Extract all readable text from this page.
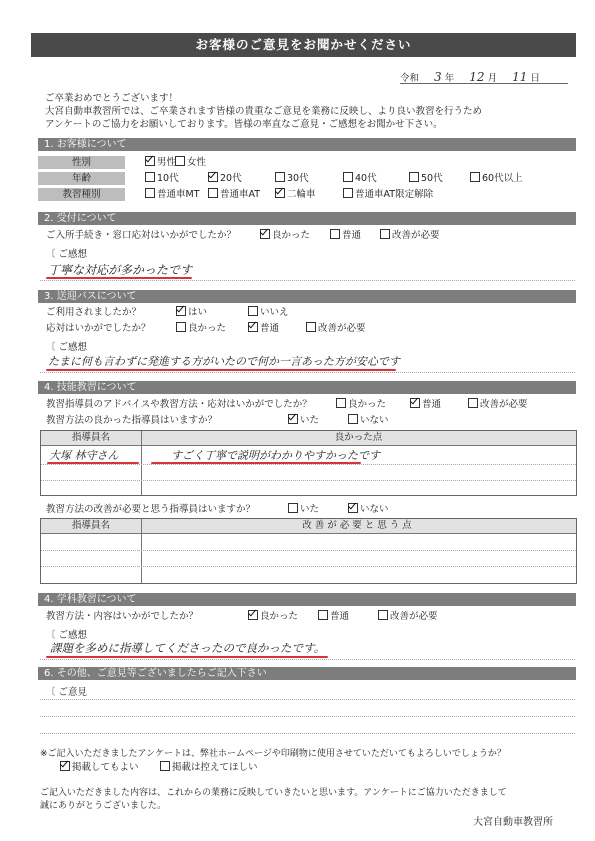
お客様のご意見をお聞かせください
令和 3 年 12 月 11 日
ご卒業おめでとうございます！
大宮自動車教習所では、ご卒業されます皆様の貴重なご意見を業務に反映し、より良い教習を行うため
アンケートのご協力をお願いしております。皆様の率直なご意見・ご感想をお聞かせ下さい。
1. お客様について
性別	男性	女性
年齢	10代	20代	30代	40代	50代	60代以上
教習種別	普通車MT	普通車AT	二輪車	普通車AT限定解除
2. 受付について
ご入所手続き・窓口応対はいかがでしたか？	良かった	普通	改善が必要
〔 ご感想
丁寧な対応が多かったです
3. 送迎バスについて
ご利用されましたか？	はい	いいえ
応対はいかがでしたか？	良かった	普通	改善が必要
〔 ご感想
たまに何も言わずに発進する方がいたので何か一言あった方が安心です
4. 技能教習について
教習指導員のアドバイスや教習方法・応対はいかがでしたか？	良かった	普通	改善が必要
教習方法の良かった指導員はいますか？	いた	いない
指導員名	良かった点
大塚 林守さん	すごく丁寧で説明がわかりやすかったです
教習方法の改善が必要と思う指導員はいますか？	いた	いない
指導員名	改善が必要と思う点
4. 学科教習について
教習方法・内容はいかがでしたか？	良かった	普通	改善が必要
〔 ご感想
課題を多めに指導してくださったので良かったです。
6. その他、ご意見等ございましたらご記入下さい
〔 ご意見
※ご記入いただきましたアンケートは、弊社ホームページや印刷物に使用させていただいてもよろしいでしょうか？
掲載してもよい	掲載は控えてほしい
ご記入いただきました内容は、これからの業務に反映していきたいと思います。アンケートにご協力いただきまして
誠にありがとうございました。
大宮自動車教習所
